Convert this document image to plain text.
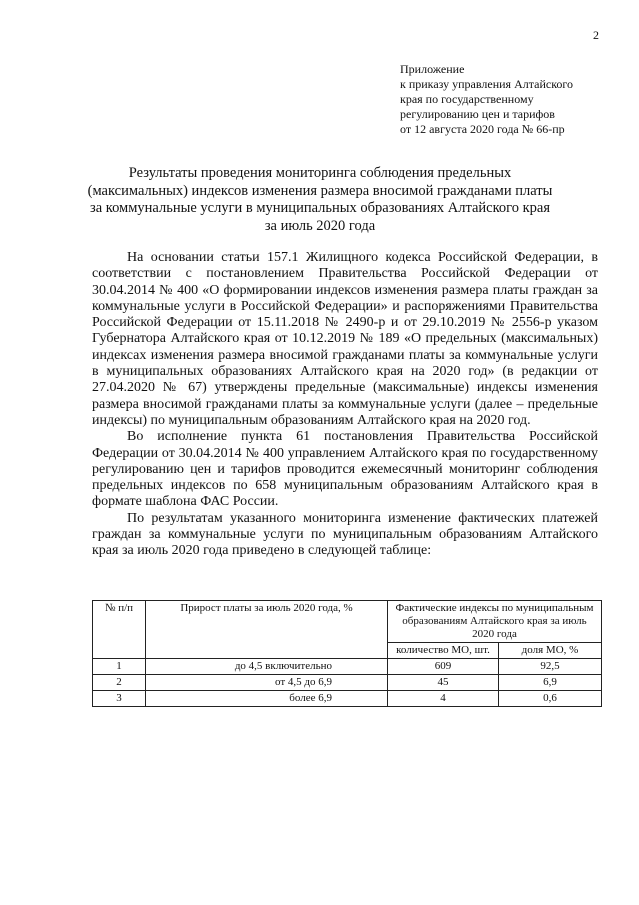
2
Приложение
к приказу управления Алтайского
края по государственному
регулированию цен и тарифов
от 12 августа 2020 года № 66-пр
Результаты проведения мониторинга соблюдения предельных
(максимальных) индексов изменения размера вносимой гражданами платы
за коммунальные услуги в муниципальных образованиях Алтайского края
за июль 2020 года

На основании статьи 157.1 Жилищного кодекса Российской Федерации, в соответствии с постановлением Правительства Российской Федерации от 30.04.2014 № 400 «О формировании индексов изменения размера платы граждан за коммунальные услуги в Российской Федерации» и распоряжениями Правительства Российской Федерации от 15.11.2018 № 2490-р и от 29.10.2019 № 2556-р указом Губернатора Алтайского края от 10.12.2019 № 189 «О предельных (максимальных) индексах изменения размера вносимой гражданами платы за коммунальные услуги в муниципальных образованиях Алтайского края на 2020 год» (в редакции от 27.04.2020 № 67) утверждены предельные (максимальные) индексы изменения размера вносимой гражданами платы за коммунальные услуги (далее – предельные индексы) по муниципальным образованиям Алтайского края на 2020 год.

Во исполнение пункта 61 постановления Правительства Российской Федерации от 30.04.2014 № 400 управлением Алтайского края по государственному регулированию цен и тарифов проводится ежемесячный мониторинг соблюдения предельных индексов по 658 муниципальным образованиям Алтайского края в формате шаблона ФАС России.

По результатам указанного мониторинга изменение фактических платежей граждан за коммунальные услуги по муниципальным образованиям Алтайского края за июль 2020 года приведено в следующей таблице:

№ п/п	Прирост платы за июль 2020 года, %	Фактические индексы по муниципальным образованиям Алтайского края за июль 2020 года	
		количество МО, шт.	доля МО, %
1	до 4,5 включительно	609	92,5
2	от 4,5 до 6,9	45	6,9
3	более 6,9	4	0,6
